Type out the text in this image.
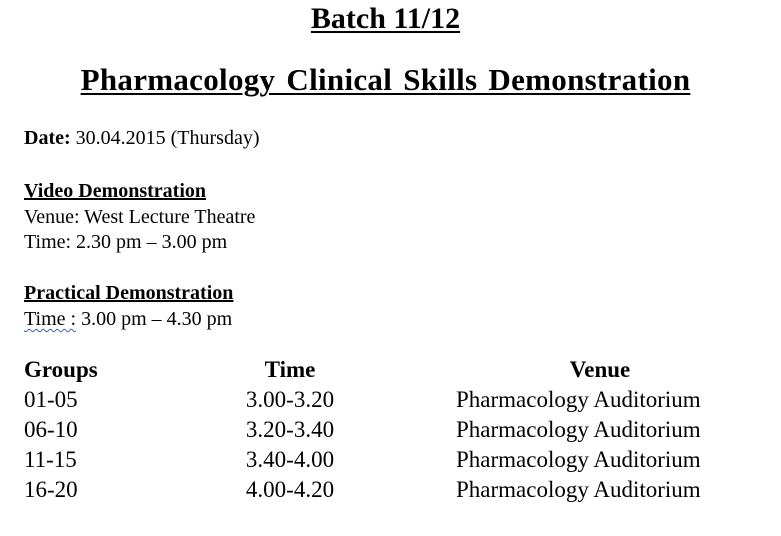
Batch 11/12
Pharmacology Clinical Skills Demonstration

Date: 30.04.2015 (Thursday)

Video Demonstration

Venue: West Lecture Theatre

Time: 2.30 pm – 3.00 pm

Practical Demonstration

Time : 3.00 pm – 4.30 pm

Groups	Time	Venue
01-05	3.00-3.20	Pharmacology Auditorium
06-10	3.20-3.40	Pharmacology Auditorium
11-15	3.40-4.00	Pharmacology Auditorium
16-20	4.00-4.20	Pharmacology Auditorium
